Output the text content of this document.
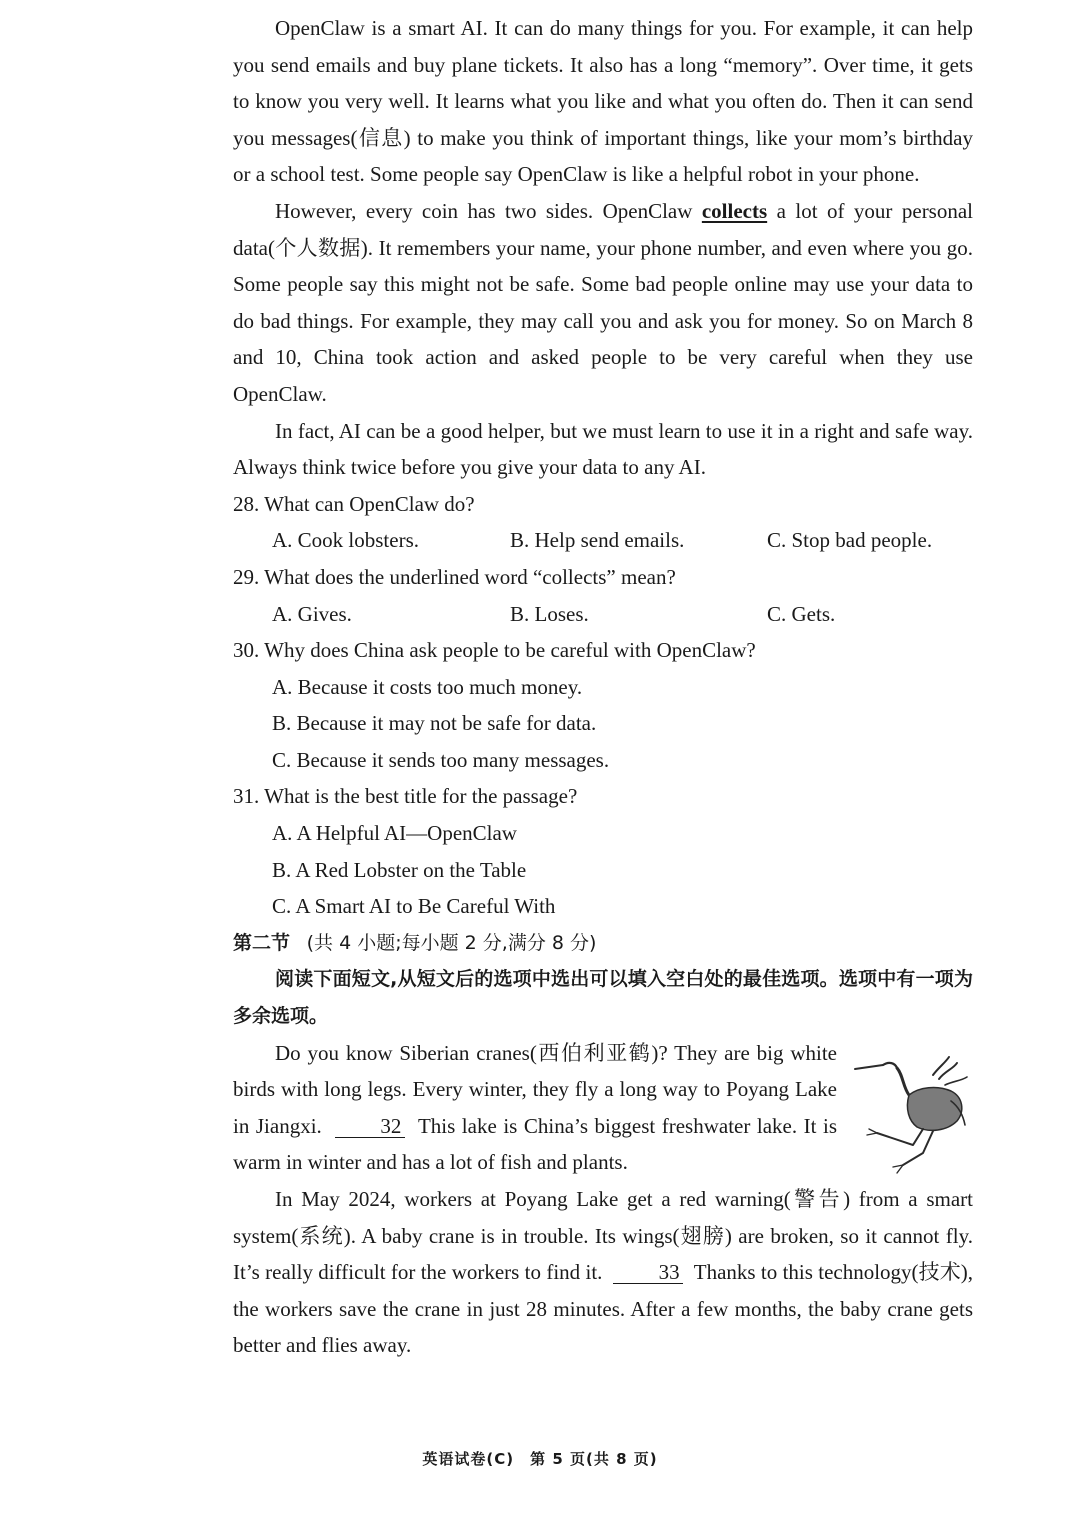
OpenClaw is a smart AI. It can do many things for you. For example, it can help you send emails and buy plane tickets. It also has a long “memory”. Over time, it gets to know you very well. It learns what you like and what you often do. Then it can send you messages(信息) to make you think of important things, like your mom’s birthday or a school test. Some people say OpenClaw is like a helpful robot in your phone.

However, every coin has two sides. OpenClaw collects a lot of your personal data(个人数据). It remembers your name, your phone number, and even where you go. Some people say this might not be safe. Some bad people online may use your data to do bad things. For example, they may call you and ask you for money. So on March 8 and 10, China took action and asked people to be very careful when they use OpenClaw.

In fact, AI can be a good helper, but we must learn to use it in a right and safe way. Always think twice before you give your data to any AI.

28. What can OpenClaw do?
A. Cook lobsters.	B. Help send emails.	C. Stop bad people.
29. What does the underlined word “collects” mean?
A. Gives.	B. Loses.	C. Gets.
30. Why does China ask people to be careful with OpenClaw?
A. Because it costs too much money.
B. Because it may not be safe for data.
C. Because it sends too many messages.
31. What is the best title for the passage?
A. A Helpful AI—OpenClaw
B. A Red Lobster on the Table
C. A Smart AI to Be Careful With
第二节 (共 4 小题;每小题 2 分,满分 8 分)

阅读下面短文,从短文后的选项中选出可以填入空白处的最佳选项。选项中有一项为多余选项。

Do you know Siberian cranes(西伯利亚鹤)? They are big white birds with long legs. Every winter, they fly a long way to Poyang Lake in Jiangxi.	32 This lake is China’s biggest freshwater lake. It is warm in winter and has a lot of fish and plants.

In May 2024, workers at Poyang Lake get a red warning(警告) from a smart system(系统). A baby crane is in trouble. Its wings(翅膀) are broken, so it cannot fly. It’s really difficult for the workers to find it.	33 Thanks to this technology(技术), the workers save the crane in just 28 minutes. After a few months, the baby crane gets better and flies away.

英语试卷(C)　第 5 页(共 8 页)
